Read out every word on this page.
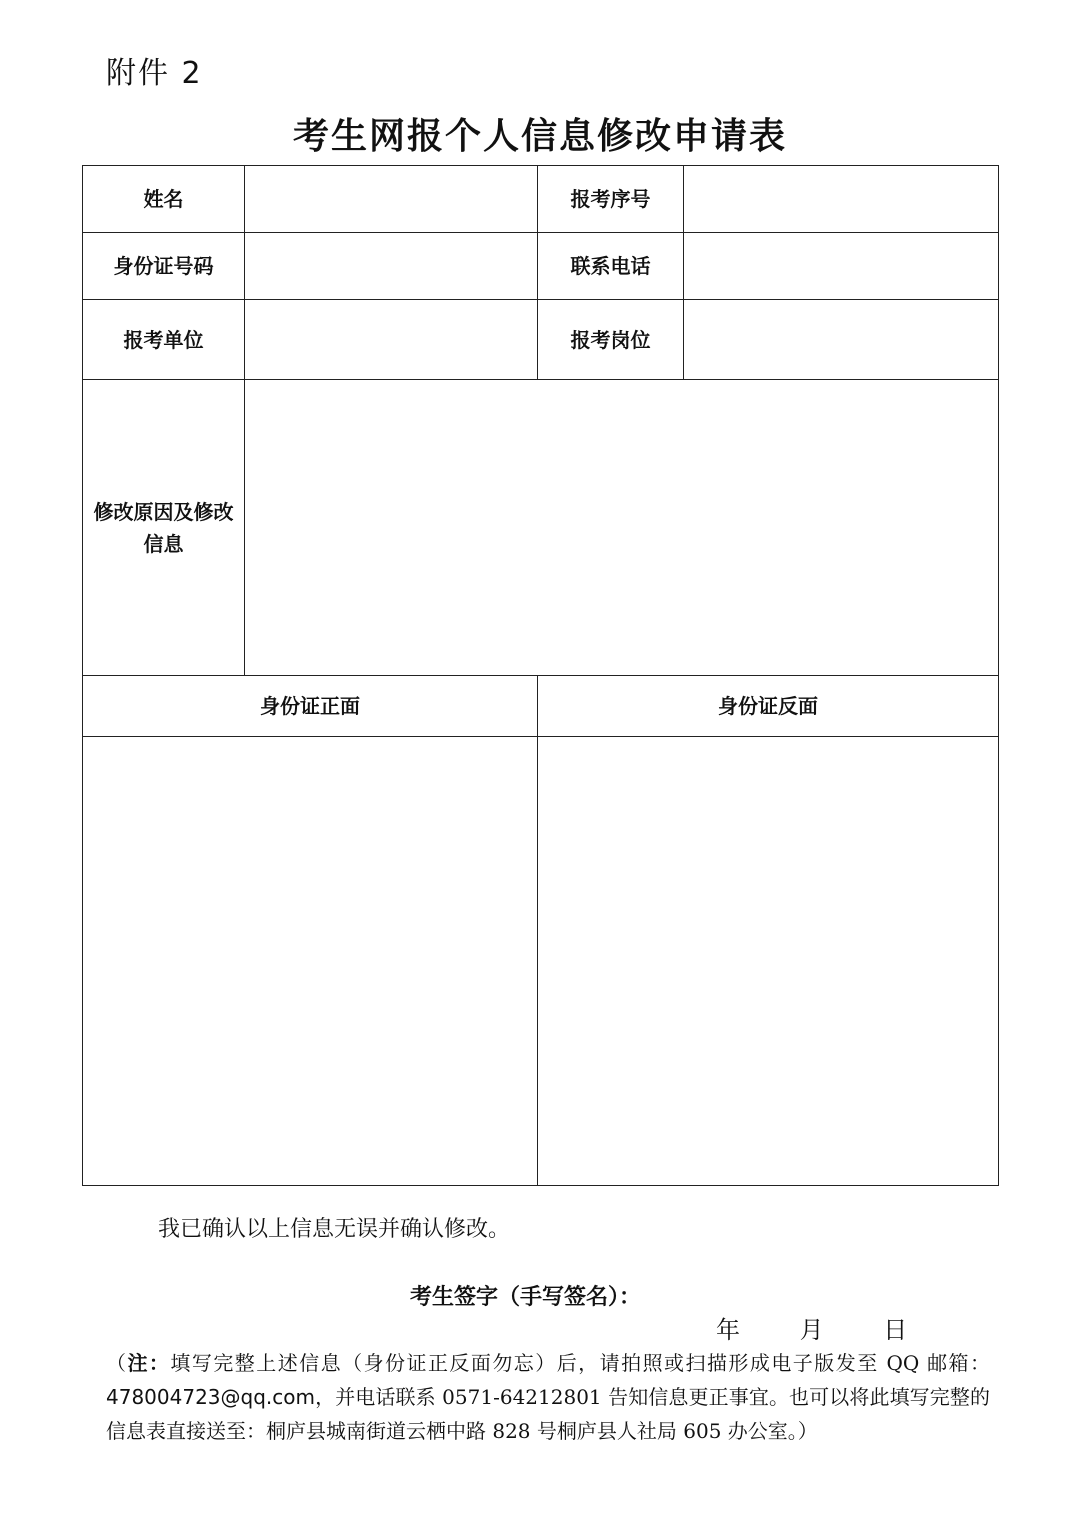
附件 2
考生网报个人信息修改申请表
姓名		报考序号	
身份证号码		联系电话	
报考单位		报考岗位	

修改原因及修改信息			

身份证正面		身份证反面	

我已确认以上信息无误并确认修改。
考生签字（手写签名）：
年 月 日
（注：填写完整上述信息（身份证正反面勿忘）后，请拍照或扫描形成电子版发至 QQ 邮箱：478004723@qq.com，并电话联系 0571-64212801 告知信息更正事宜。也可以将此填写完整的信息表直接送至：桐庐县城南街道云栖中路 828 号桐庐县人社局 605 办公室。）
